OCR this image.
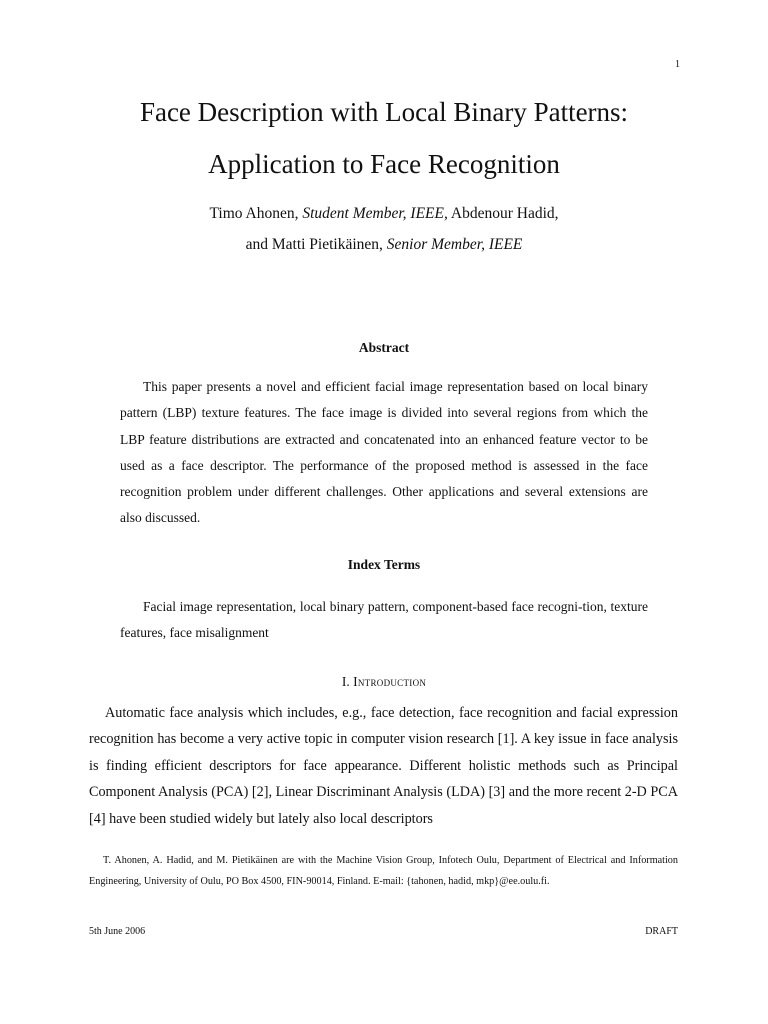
1
Face Description with Local Binary Patterns:
Application to Face Recognition
Timo Ahonen, Student Member, IEEE, Abdenour Hadid,
and Matti Pietikäinen, Senior Member, IEEE
Abstract

This paper presents a novel and efficient facial image representation based on local binary pattern (LBP) texture features. The face image is divided into several regions from which the LBP feature distributions are extracted and concatenated into an enhanced feature vector to be used as a face descriptor. The performance of the proposed method is assessed in the face recognition problem under different challenges. Other applications and several extensions are also discussed.

Index Terms

Facial image representation, local binary pattern, component-based face recogni-tion, texture features, face misalignment

I. Introduction

Automatic face analysis which includes, e.g., face detection, face recognition and facial expression recognition has become a very active topic in computer vision research [1]. A key issue in face analysis is finding efficient descriptors for face appearance. Different holistic methods such as Principal Component Analysis (PCA) [2], Linear Discriminant Analysis (LDA) [3] and the more recent 2-D PCA [4] have been studied widely but lately also local descriptors

T. Ahonen, A. Hadid, and M. Pietikäinen are with the Machine Vision Group, Infotech Oulu, Department of Electrical and Information Engineering, University of Oulu, PO Box 4500, FIN-90014, Finland. E-mail: {tahonen, hadid, mkp}@ee.oulu.fi.

5th June 2006	DRAFT
